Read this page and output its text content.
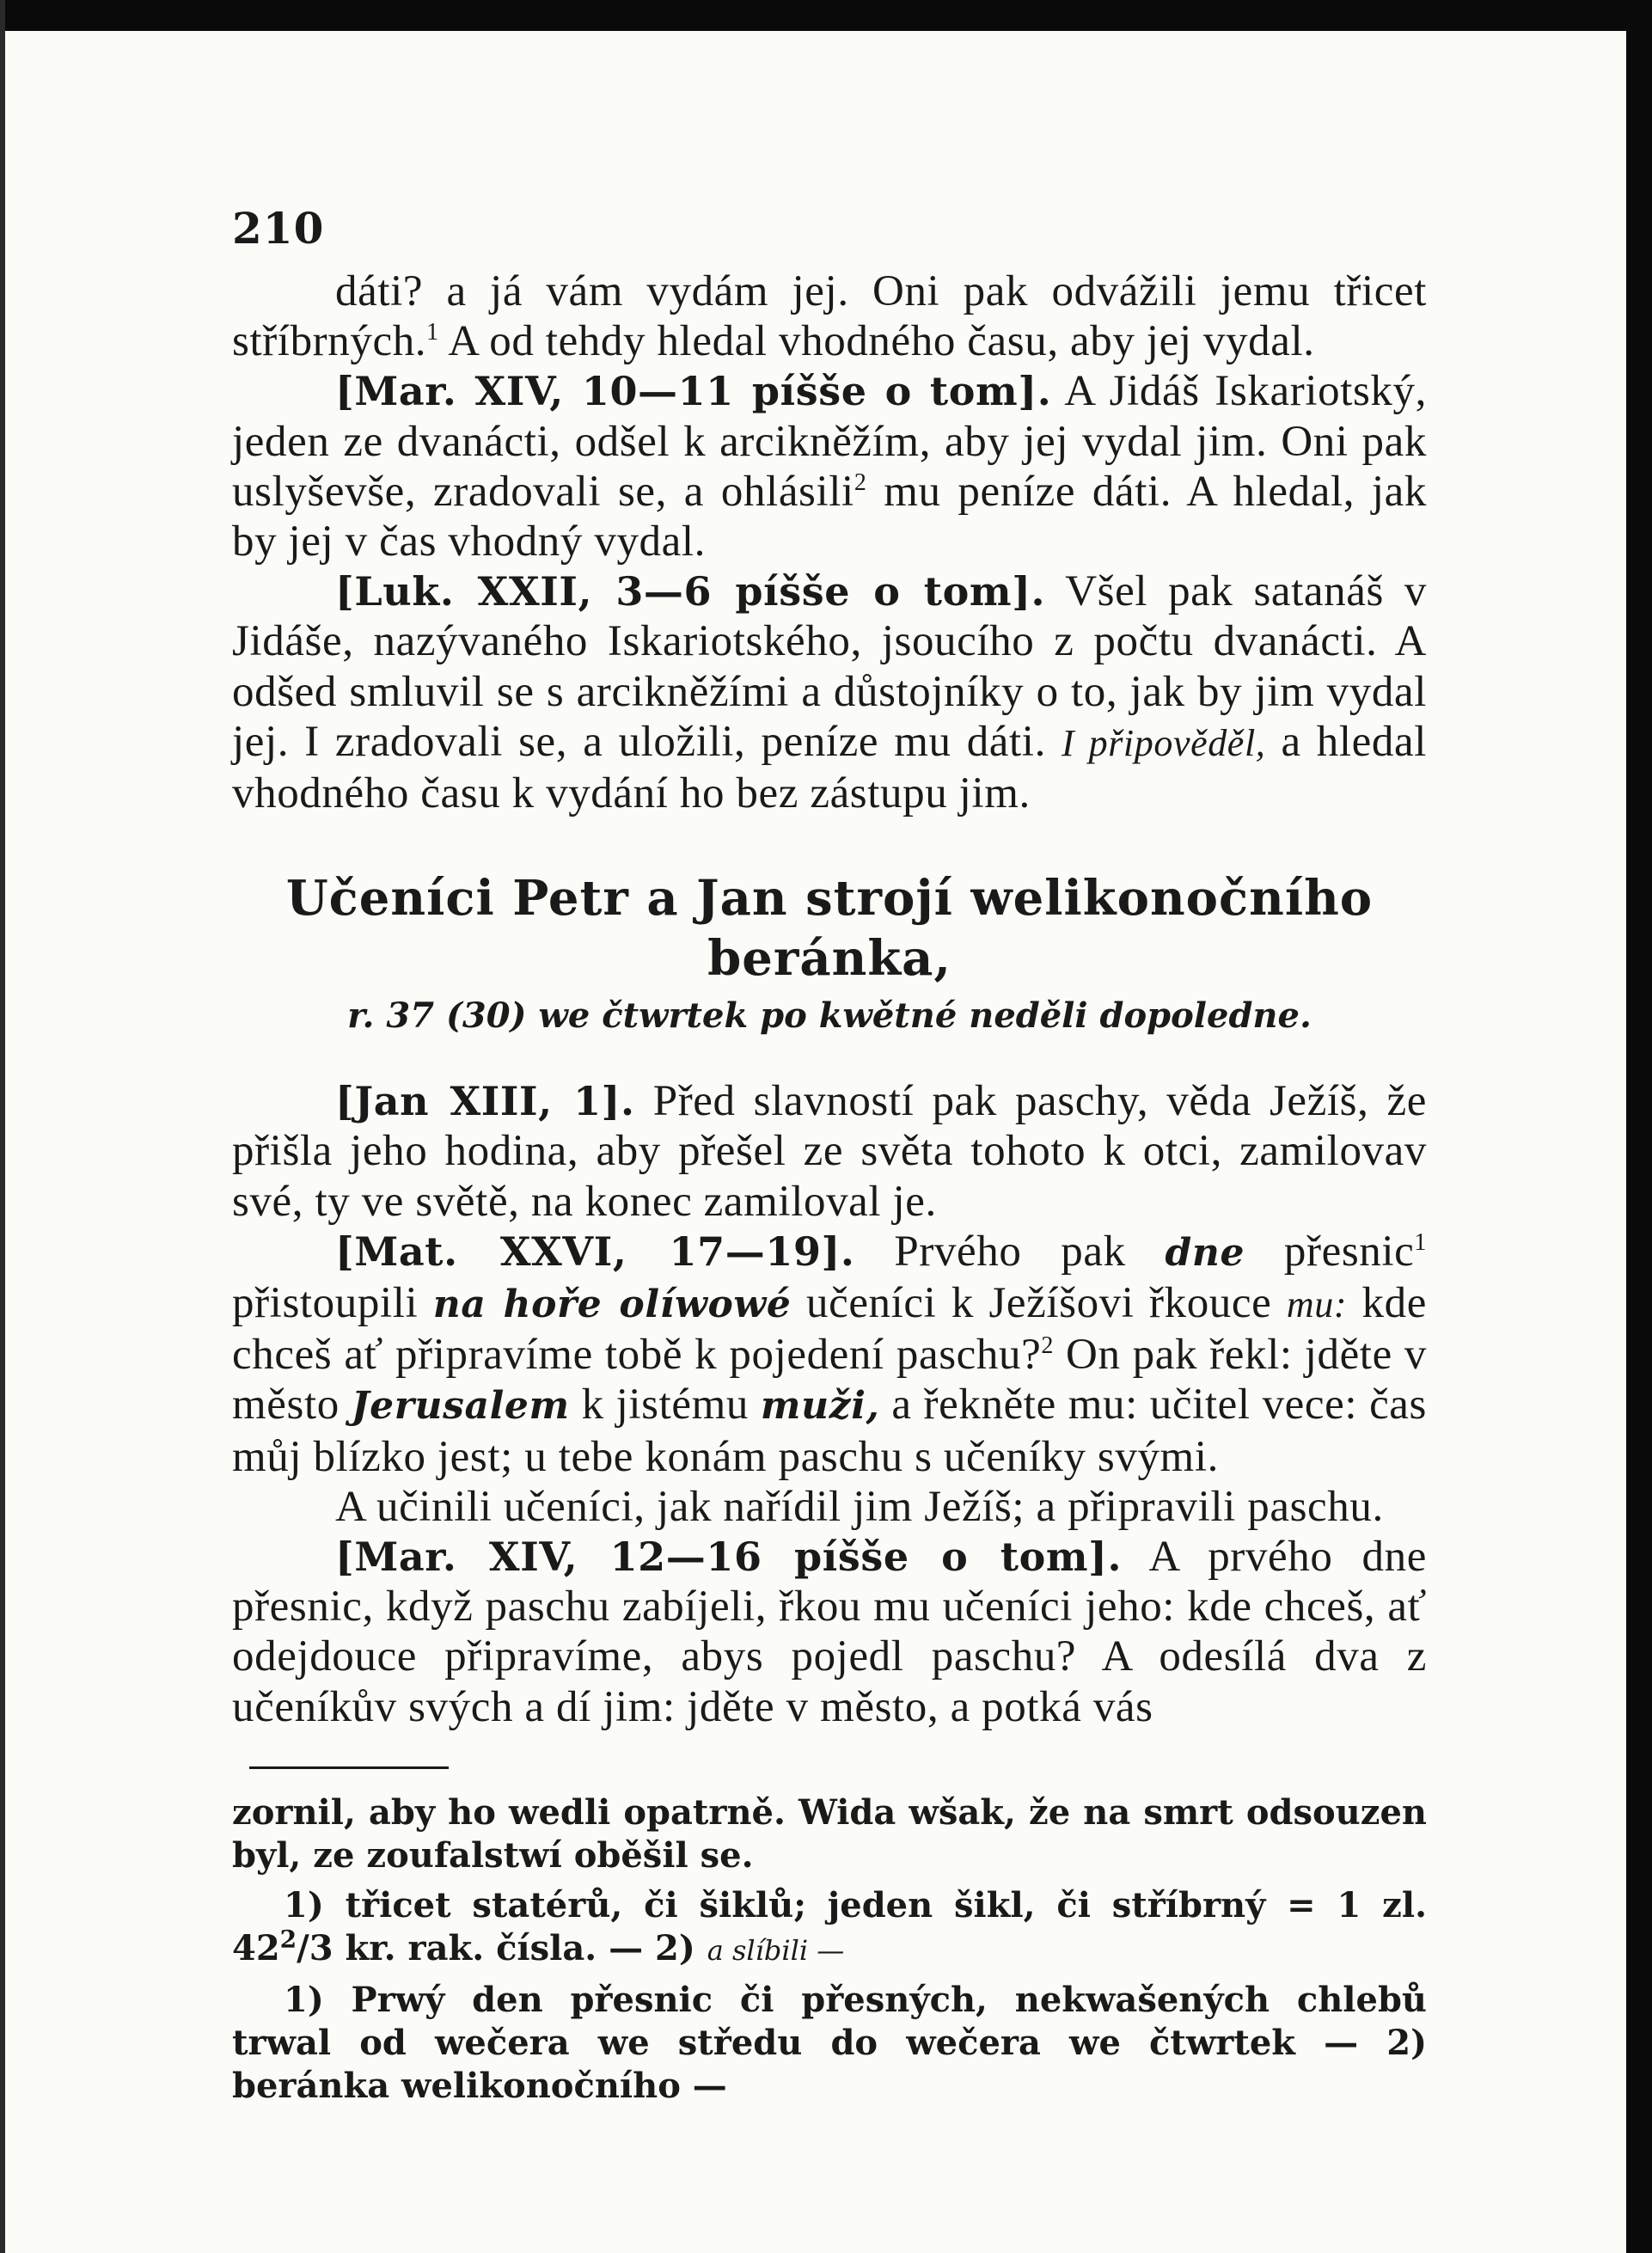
210

dáti? a já vám vydám jej. Oni pak odvážili jemu třicet stříbrných.$^1$ A od tehdy hledal vhodného času, aby jej vydal.

[Mar. XIV, 10—11 píšše o tom]. A Jidáš Iskariotský, jeden ze dvanácti, odšel k arcikněžím, aby jej vydal jim. Oni pak uslyševše, zradovali se, a ohlásili$^2$ mu peníze dáti. A hledal, jak by jej v čas vhodný vydal.

[Luk. XXII, 3—6 píšše o tom]. Všel pak satanáš v Jidáše, nazývaného Iskariotského, jsoucího z počtu dvanácti. A odšed smluvil se s arcikněžími a důstojníky o to, jak by jim vydal jej. I zradovali se, a uložili, peníze mu dáti. I připověděl, a hledal vhodného času k vydání ho bez zástupu jim.

Učeníci Petr a Jan strojí welikonočního beránka,
r. 37 (30) we čtwrtek po kwětné neděli dopoledne.

[Jan XIII, 1]. Před slavností pak paschy, věda Ježíš, že přišla jeho hodina, aby přešel ze světa tohoto k otci, zamilovav své, ty ve světě, na konec zamiloval je.

[Mat. XXVI, 17—19]. Prvého pak dne přesnic$^1$ přistoupili na hoře olíwowé učeníci k Ježíšovi řkouce mu: kde chceš ať připravíme tobě k pojedení paschu?$^2$ On pak řekl: jděte v město Jerusalem k jistému muži, a řekněte mu: učitel vece: čas můj blízko jest; u tebe konám paschu s učeníky svými.

A učinili učeníci, jak nařídil jim Ježíš; a připravili paschu.

[Mar. XIV, 12—16 píšše o tom]. A prvého dne přesnic, když paschu zabíjeli, řkou mu učeníci jeho: kde chceš, ať odejdouce připravíme, abys pojedl paschu? A odesílá dva z učeníkův svých a dí jim: jděte v město, a potká vás

zornil, aby ho wedli opatrně. Wida wšak, že na smrt odsouzen byl, ze zoufalstwí oběšil se.

1) třicet statérů, či šiklů; jeden šikl, či stříbrný = 1 zl. $42^2/3$ kr. rak. čísla. — 2) a slíbili —

1) Prwý den přesnic či přesných, nekwašených chlebů trwal od wečera we středu do wečera we čtwrtek — 2) beránka welikonočního —
